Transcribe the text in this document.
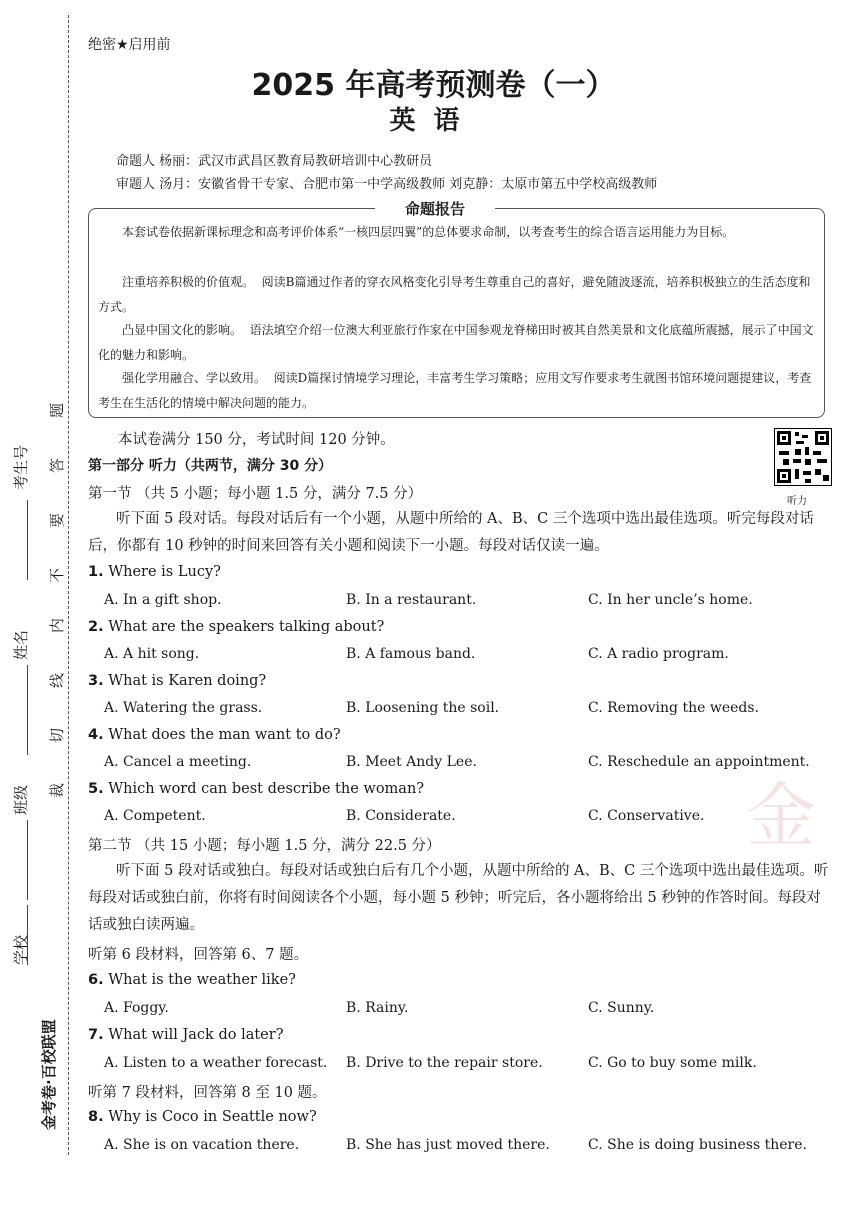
考生号
姓名
班级
学校
金考卷·百校联盟
题
答
要
不
内
线
切
裁
绝密★启用前
2025 年高考预测卷（一）
英语
命题人 杨丽：武汉市武昌区教育局教研培训中心教研员
审题人 汤月：安徽省骨干专家、合肥市第一中学高级教师 刘克静：太原市第五中学校高级教师
命题报告
本套试卷依据新课标理念和高考评价体系“一核四层四翼”的总体要求命制，以考查考生的综合语言运用能力为目标。
注重培养积极的价值观。 阅读B篇通过作者的穿衣风格变化引导考生尊重自己的喜好，避免随波逐流，培养积极独立的生活态度和方式。
凸显中国文化的影响。 语法填空介绍一位澳大利亚旅行作家在中国参观龙脊梯田时被其自然美景和文化底蕴所震撼，展示了中国文化的魅力和影响。
强化学用融合、学以致用。 阅读D篇探讨情境学习理论，丰富考生学习策略；应用文写作要求考生就图书馆环境问题提建议，考查考生在生活化的情境中解决问题的能力。
听力
本试卷满分 150 分，考试时间 120 分钟。
第一部分 听力（共两节，满分 30 分）
第一节 （共 5 小题；每小题 1.5 分，满分 7.5 分）
听下面 5 段对话。每段对话后有一个小题，从题中所给的 A、B、C 三个选项中选出最佳选项。听完每段对话后，你都有 10 秒钟的时间来回答有关小题和阅读下一小题。每段对话仅读一遍。
1. Where is Lucy?
A. In a gift shop.	B. In a restaurant.	C. In her uncle’s home.
2. What are the speakers talking about?
A. A hit song.	B. A famous band.	C. A radio program.
3. What is Karen doing?
A. Watering the grass.	B. Loosening the soil.	C. Removing the weeds.
4. What does the man want to do?
A. Cancel a meeting.	B. Meet Andy Lee.	C. Reschedule an appointment.
5. Which word can best describe the woman?
A. Competent.	B. Considerate.	C. Conservative. 金
第二节 （共 15 小题；每小题 1.5 分，满分 22.5 分）
听下面 5 段对话或独白。每段对话或独白后有几个小题，从题中所给的 A、B、C 三个选项中选出最佳选项。听每段对话或独白前，你将有时间阅读各个小题，每小题 5 秒钟；听完后，各小题将给出 5 秒钟的作答时间。每段对话或独白读两遍。
听第 6 段材料，回答第 6、7 题。
6. What is the weather like?
A. Foggy.	B. Rainy.	C. Sunny.
7. What will Jack do later?
A. Listen to a weather forecast. B. Drive to the repair store.	C. Go to buy some milk.
听第 7 段材料，回答第 8 至 10 题。
8. Why is Coco in Seattle now?
A. She is on vacation there.	B. She has just moved there.	C. She is doing business there.
